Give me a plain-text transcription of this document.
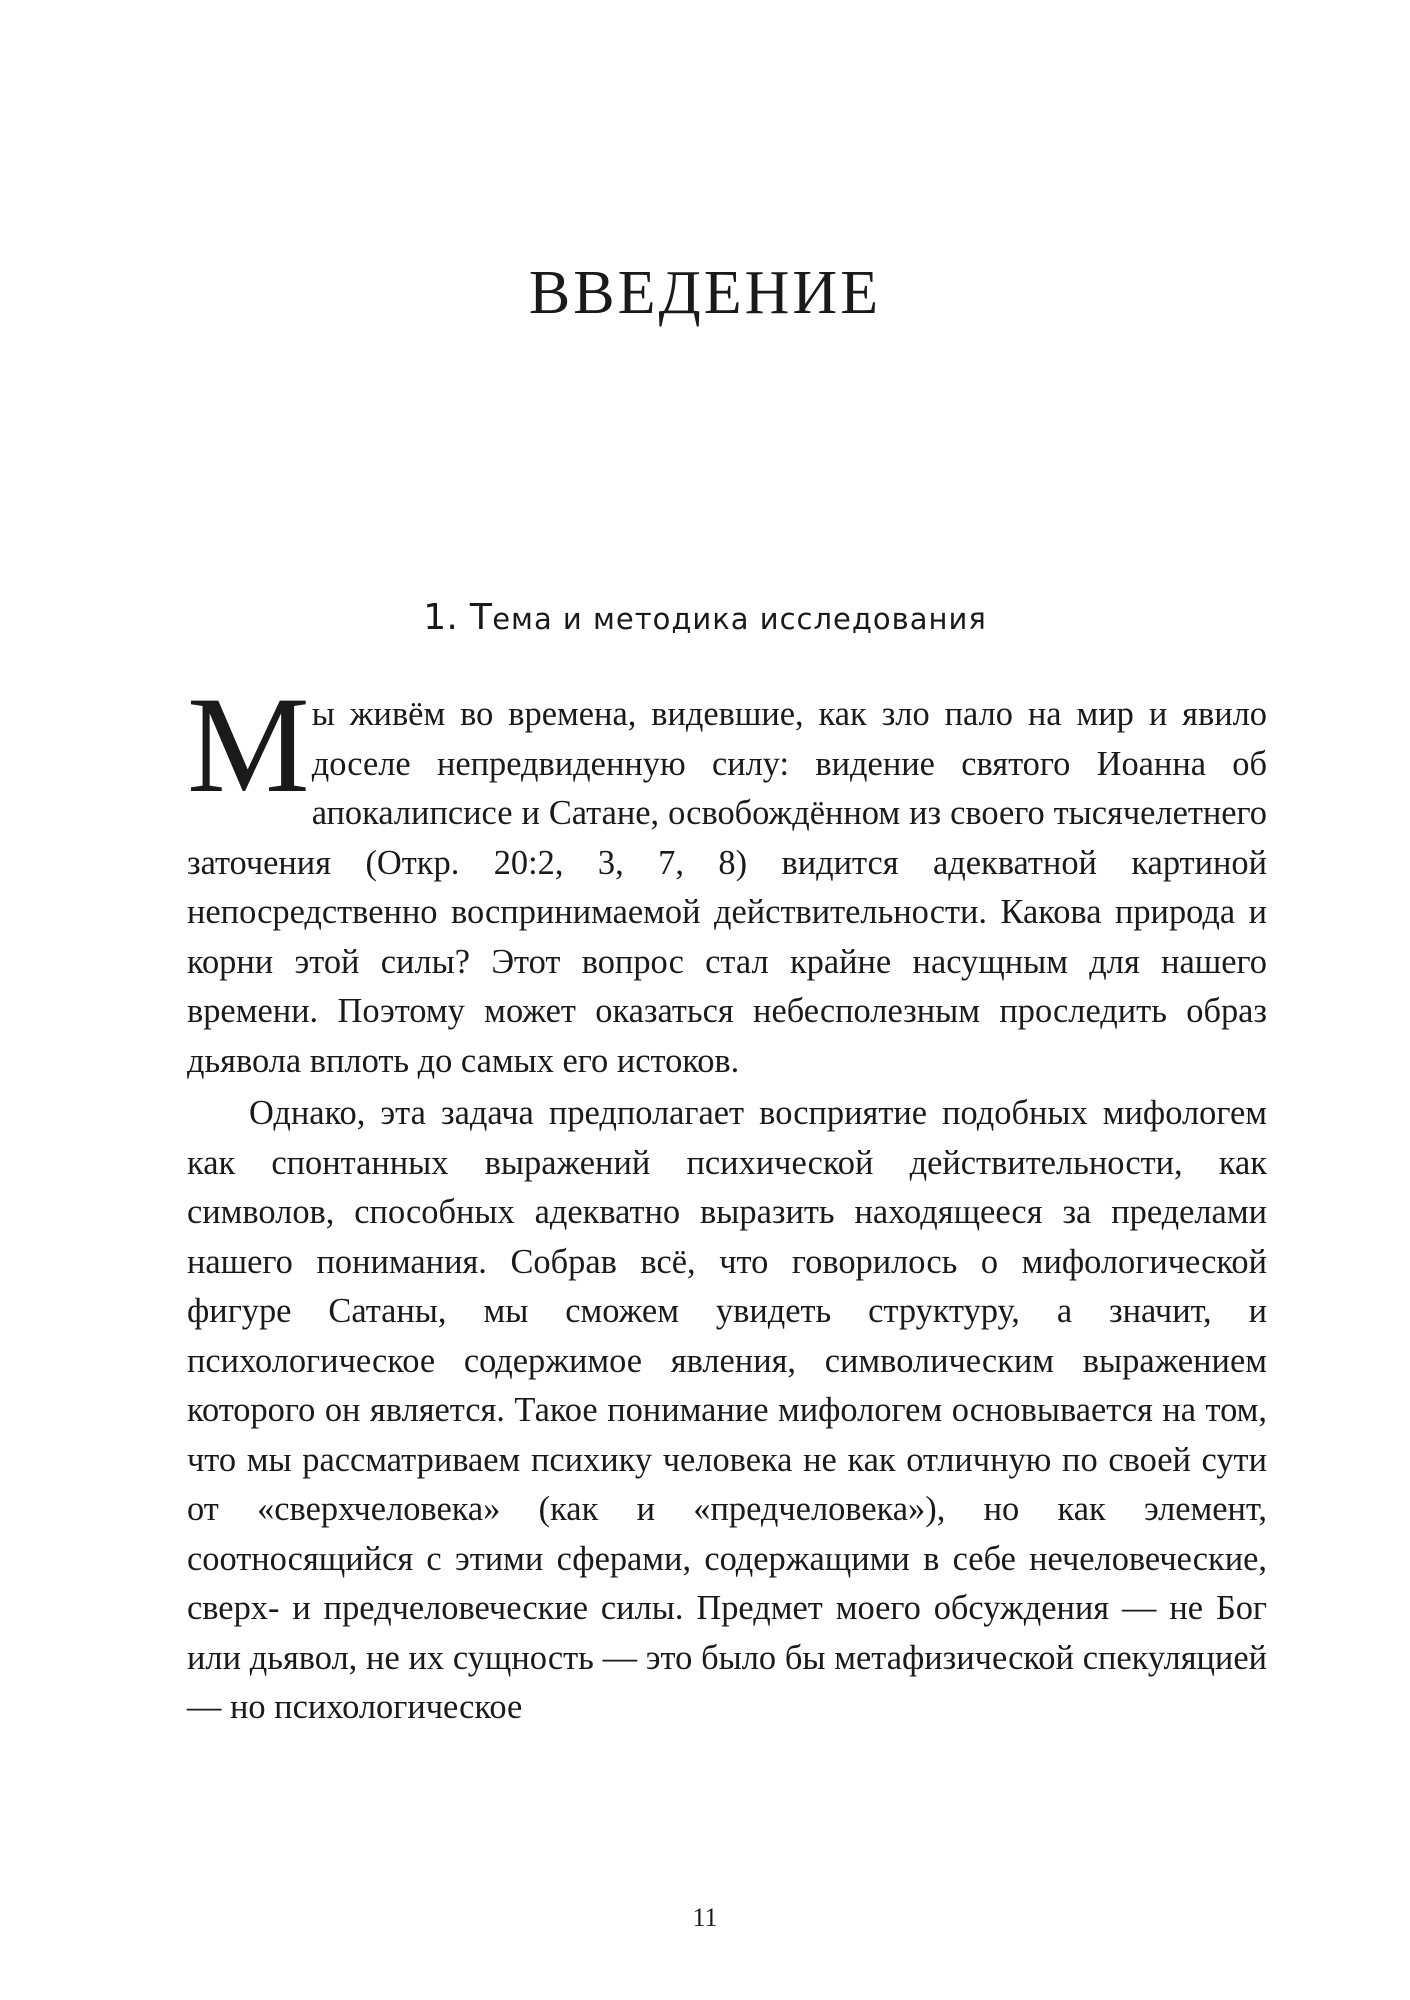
ВВЕДЕНИЕ
1. Тема и методика исследования

Мы живём во времена, видевшие, как зло пало на мир и явило доселе непредвиденную силу: видение святого Иоанна об апокалипсисе и Сатане, освобождённом из своего тысячелетнего заточения (Откр. 20:2, 3, 7, 8) видится адекватной картиной непосредственно воспринимаемой действительности. Какова природа и корни этой силы? Этот вопрос стал крайне насущным для нашего времени. Поэтому может оказаться небесполезным проследить образ дьявола вплоть до самых его истоков.

Однако, эта задача предполагает восприятие подобных мифологем как спонтанных выражений психической действительности, как символов, способных адекватно выразить находящееся за пределами нашего понимания. Собрав всё, что говорилось о мифологической фигуре Сатаны, мы сможем увидеть структуру, а значит, и психологическое содержимое явления, символическим выражением которого он является. Такое понимание мифологем основывается на том, что мы рассматриваем психику человека не как отличную по своей сути от «сверхчеловека» (как и «предчеловека»), но как элемент, соотносящийся с этими сферами, содержащими в себе нечеловеческие, сверх- и предчеловеческие силы. Предмет моего обсуждения — не Бог или дьявол, не их сущность — это было бы метафизической спекуляцией — но психологическое

11
